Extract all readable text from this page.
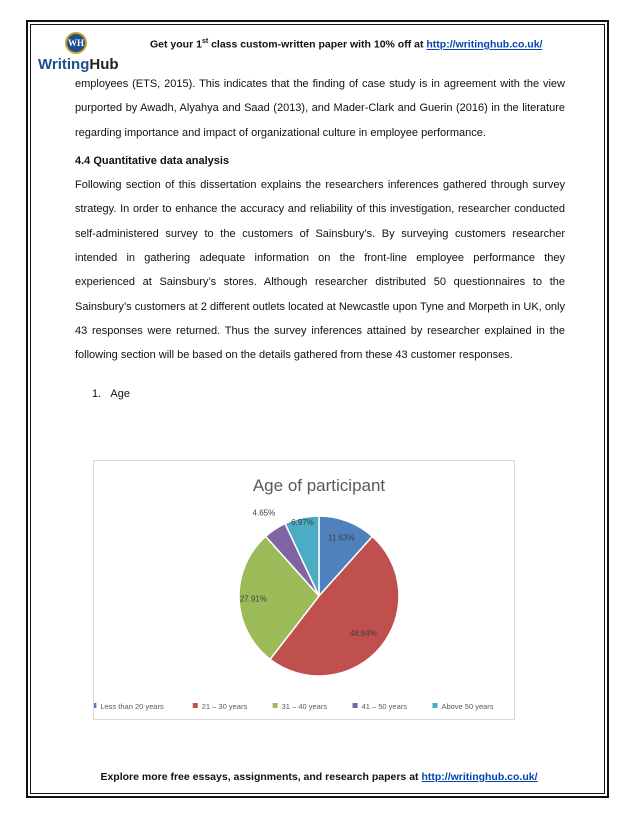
WH
WritingHub
Get your 1st class custom-written paper with 10% off at http://writinghub.co.uk/

employees (ETS, 2015). This indicates that the finding of case study is in agreement with the view purported by Awadh, Alyahya and Saad (2013), and Mader-Clark and Guerin (2016) in the literature regarding importance and impact of organizational culture in employee performance.

4.4 Quantitative data analysis

Following section of this dissertation explains the researchers inferences gathered through survey strategy. In order to enhance the accuracy and reliability of this investigation, researcher conducted self-administered survey to the customers of Sainsbury’s. By surveying customers researcher intended in gathering adequate information on the front-line employee performance they experienced at Sainsbury’s stores. Although researcher distributed 50 questionnaires to the Sainsbury’s customers at 2 different outlets located at Newcastle upon Tyne and Morpeth in UK, only 43 responses were returned. Thus the survey inferences attained by researcher explained in the following section will be based on the details gathered from these 43 customer responses.

1. Age
Age of participant
11.63%
48.84%
27.91%
4.65%
6.97%
Less than 20 years	21 – 30 years	31 – 40 years	41 – 50 years	Above 50 years
Explore more free essays, assignments, and research papers at http://writinghub.co.uk/
